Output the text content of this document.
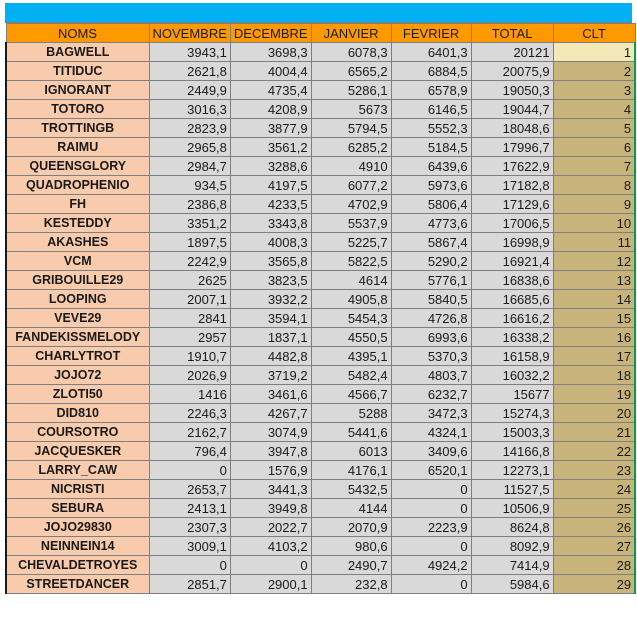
NOMS	NOVEMBRE	DECEMBRE	JANVIER	FEVRIER	TOTAL	CLT
BAGWELL	3943,1	3698,3	6078,3	6401,3	20121	1
TITIDUC	2621,8	4004,4	6565,2	6884,5	20075,9	2
IGNORANT	2449,9	4735,4	5286,1	6578,9	19050,3	3
TOTORO	3016,3	4208,9	5673	6146,5	19044,7	4
TROTTINGB	2823,9	3877,9	5794,5	5552,3	18048,6	5
RAIMU	2965,8	3561,2	6285,2	5184,5	17996,7	6
QUEENSGLORY	2984,7	3288,6	4910	6439,6	17622,9	7
QUADROPHENIO	934,5	4197,5	6077,2	5973,6	17182,8	8
FH	2386,8	4233,5	4702,9	5806,4	17129,6	9
KESTEDDY	3351,2	3343,8	5537,9	4773,6	17006,5	10
AKASHES	1897,5	4008,3	5225,7	5867,4	16998,9	11
VCM	2242,9	3565,8	5822,5	5290,2	16921,4	12
GRIBOUILLE29	2625	3823,5	4614	5776,1	16838,6	13
LOOPING	2007,1	3932,2	4905,8	5840,5	16685,6	14
VEVE29	2841	3594,1	5454,3	4726,8	16616,2	15
FANDEKISSMELODY	2957	1837,1	4550,5	6993,6	16338,2	16
CHARLYTROT	1910,7	4482,8	4395,1	5370,3	16158,9	17
JOJO72	2026,9	3719,2	5482,4	4803,7	16032,2	18
ZLOTI50	1416	3461,6	4566,7	6232,7	15677	19
DID810	2246,3	4267,7	5288	3472,3	15274,3	20
COURSOTRO	2162,7	3074,9	5441,6	4324,1	15003,3	21
JACQUESKER	796,4	3947,8	6013	3409,6	14166,8	22
LARRY_CAW	0	1576,9	4176,1	6520,1	12273,1	23
NICRISTI	2653,7	3441,3	5432,5	0	11527,5	24
SEBURA	2413,1	3949,8	4144	0	10506,9	25
JOJO29830	2307,3	2022,7	2070,9	2223,9	8624,8	26
NEINNEIN14	3009,1	4103,2	980,6	0	8092,9	27
CHEVALDETROYES	0	0	2490,7	4924,2	7414,9	28
STREETDANCER	2851,7	2900,1	232,8	0	5984,6	29
